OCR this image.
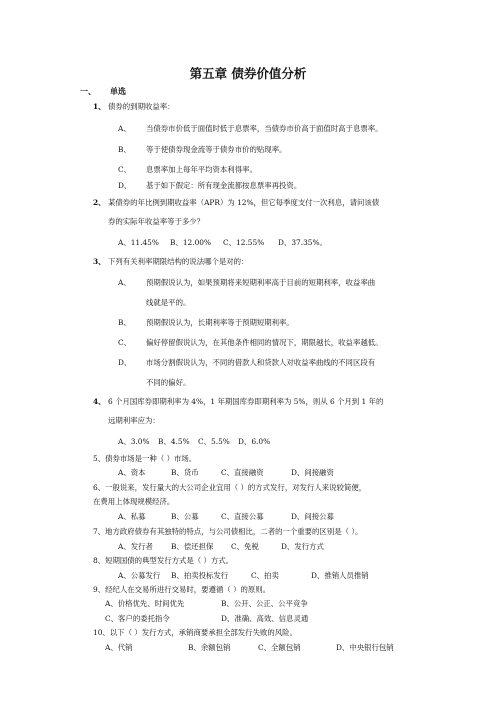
第五章 债券价值分析
一、 单选
1、 债券的到期收益率：
A、 当债券市价低于面值时低于息票率，当债券市价高于面值时高于息票率。
B、 等于使债券现金流等于债券市价的贴现率。
C、 息票率加上每年平均资本利得率。
D、 基于如下假定：所有现金流都按息票率再投资。
2、 某债券的年比例到期收益率（APR）为 12%，但它每季度支付一次利息，请问该债
券的实际年收益率等于多少？
A、11.45% B、12.00% C、12.55% D、37.35%。
3、 下列有关利率期限结构的说法哪个是对的：
A、 预期假说认为，如果预期将来短期利率高于目前的短期利率，收益率曲
线就是平的。
B、 预期假说认为，长期利率等于预期短期利率。
C、 偏好停留假说认为，在其他条件相同的情况下，期限越长，收益率越低。
D、 市场分割假说认为，不同的借款人和贷款人对收益率曲线的不同区段有
不同的偏好。
4、 6 个月国库券即期利率为 4%，1 年期国库券即期利率为 5%，则从 6 个月到 1 年的
远期利率应为：
A、3.0% B、4.5% C、5.5% D、6.0%
5、债券市场是一种（ ）市场。
A、资本	B、货币	C、直接融资	D、间接融资
6、一般说来，发行量大的大公司企业宜用（ ）的方式发行，对发行人来说较简便，
在费用上体现规模经济。
A、私募	B、公募	C、直接公募	D、间接公募
7、地方政府债券有其独特的特点，与公司债相比，二者的一个重要的区别是（ ）。
A、发行者 B、偿还担保 C、免税	D、发行方式
8、短期国债的典型发行方式是（ ）方式。
A、公募发行 B、拍卖投标发行	C、拍卖	D、推销人员推销
9、经纪人在交易所进行交易时，要遵循（ ）的原则。
A、价格优先、时间优先	B、公开、公正、公平竞争
C、客户的委托指令	D、准确、高效、信息灵通
10、以下（ ）发行方式，承销商要承担全部发行失败的风险。
A、代销	B、余额包销	C、全额包销	D、中央银行包销
